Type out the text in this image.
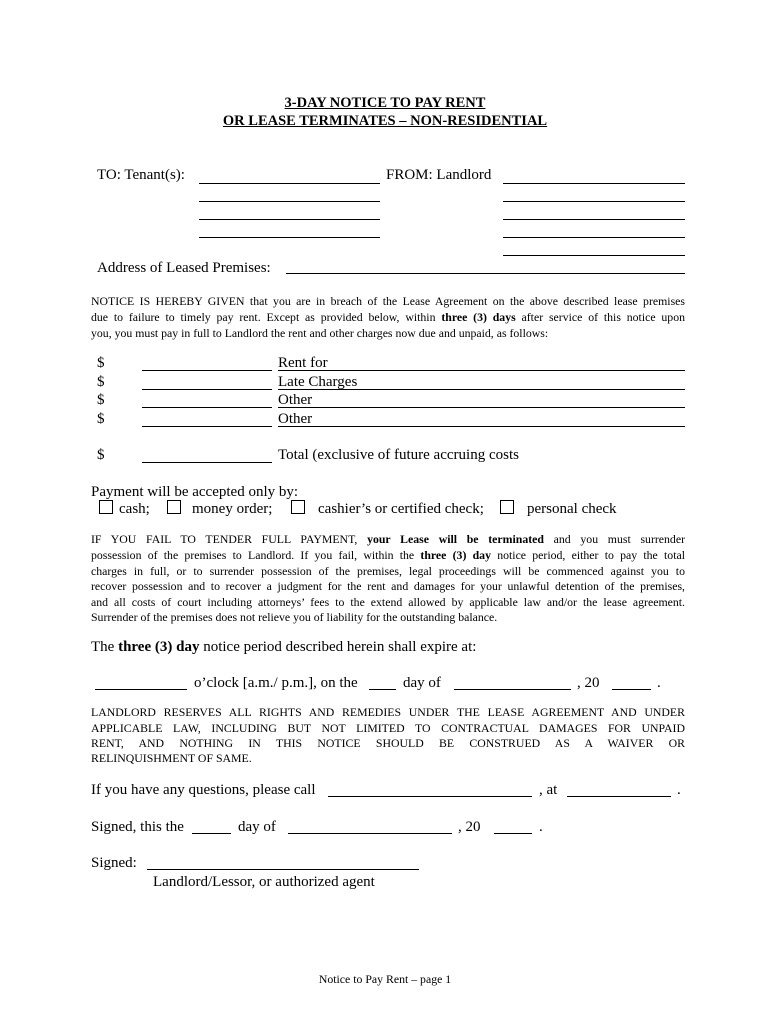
3-DAY NOTICE TO PAY RENT
OR LEASE TERMINATES – NON-RESIDENTIAL
TO: Tenant(s):	FROM: Landlord
Address of Leased Premises:
NOTICE IS HEREBY GIVEN that you are in breach of the Lease Agreement on the above described lease premises
due to failure to timely pay rent. Except as provided below, within three (3) days after service of this notice upon
you, you must pay in full to Landlord the rent and other charges now due and unpaid, as follows:
$	Rent for
$	Late Charges
$	Other
$	Other
$	Total (exclusive of future accruing costs
Payment will be accepted only by:
cash;	money order;	cashier’s or certified check;	personal check
IF YOU FAIL TO TENDER FULL PAYMENT, your Lease will be terminated and you must surrender
possession of the premises to Landlord. If you fail, within the three (3) day notice period, either to pay the total
charges in full, or to surrender possession of the premises, legal proceedings will be commenced against you to
recover possession and to recover a judgment for the rent and damages for your unlawful detention of the premises,
and all costs of court including attorneys’ fees to the extend allowed by applicable law and/or the lease agreement.
Surrender of the premises does not relieve you of liability for the outstanding balance.
The three (3) day notice period described herein shall expire at:
o’clock [a.m./ p.m.], on the	day of	, 20	.
LANDLORD RESERVES ALL RIGHTS AND REMEDIES UNDER THE LEASE AGREEMENT AND UNDER
APPLICABLE LAW, INCLUDING BUT NOT LIMITED TO CONTRACTUAL DAMAGES FOR UNPAID
RENT, AND NOTHING IN THIS NOTICE SHOULD BE CONSTRUED AS A WAIVER OR
RELINQUISHMENT OF SAME.
If you have any questions, please call	, at	.
Signed, this the	day of	, 20	.
Signed:
Landlord/Lessor, or authorized agent
Notice to Pay Rent – page 1
